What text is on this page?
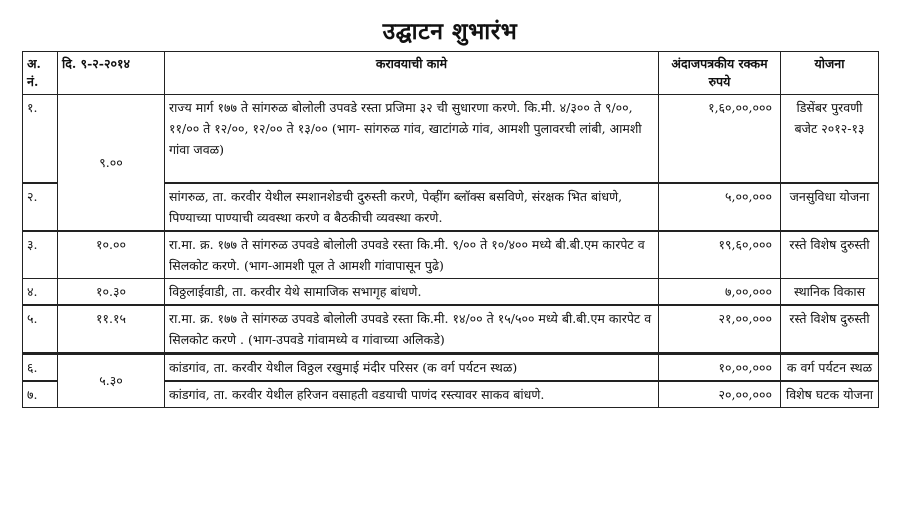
उद्घाटन शुभारंभ
अ. नं.	दि. ९-२-२०१४	करावयाची कामे	अंदाजपत्रकीय रक्कम रुपये	योजना
१.	९.००	राज्य मार्ग १७७ ते सांगरुळ बोलोली उपवडे रस्ता प्रजिमा ३२ ची सुधारणा करणे. कि.मी. ४/३०० ते ९/००, ११/०० ते १२/००, १२/०० ते १३/०० (भाग- सांगरुळ गांव, खाटांगळे गांव, आमशी पुलावरची लांबी, आमशी गांवा जवळ)	१,६०,००,०००	डिसेंबर पुरवणी बजेट २०१२-१३
२.		सांगरुळ, ता. करवीर येथील स्मशानशेडची दुरुस्ती करणे, पेव्हींग ब्लॉक्स बसविणे, संरक्षक भित बांधणे, पिण्याच्या पाण्याची व्यवस्था करणे व बैठकीची व्यवस्था करणे.	५,००,०००	जनसुविधा योजना
३.	१०.००	रा.मा. क्र. १७७ ते सांगरुळ उपवडे बोलोली उपवडे रस्ता कि.मी. ९/०० ते १०/४०० मध्ये बी.बी.एम कारपेट व सिलकोट करणे. (भाग-आमशी पूल ते आमशी गांवापासून पुढे)	१९,६०,०००	रस्ते विशेष दुरुस्ती
४.	१०.३०	विठ्ठलाईवाडी, ता. करवीर येथे सामाजिक सभागृह बांधणे.	७,००,०००	स्थानिक विकास
५.	११.१५	रा.मा. क्र. १७७ ते सांगरुळ उपवडे बोलोली उपवडे रस्ता कि.मी. १४/०० ते १५/५०० मध्ये बी.बी.एम कारपेट व सिलकोट करणे . (भाग-उपवडे गांवामध्ये व गांवाच्या अलिकडे)	२१,००,०००	रस्ते विशेष दुरुस्ती
६.	५.३०	कांडगांव, ता. करवीर येथील विठ्ठल रखुमाई मंदीर परिसर (क वर्ग पर्यटन स्थळ)	१०,००,०००	क वर्ग पर्यटन स्थळ
७.		कांडगांव, ता. करवीर येथील हरिजन वसाहती वडयाची पाणंद रस्त्यावर साकव बांधणे.	२०,००,०००	विशेष घटक योजना
